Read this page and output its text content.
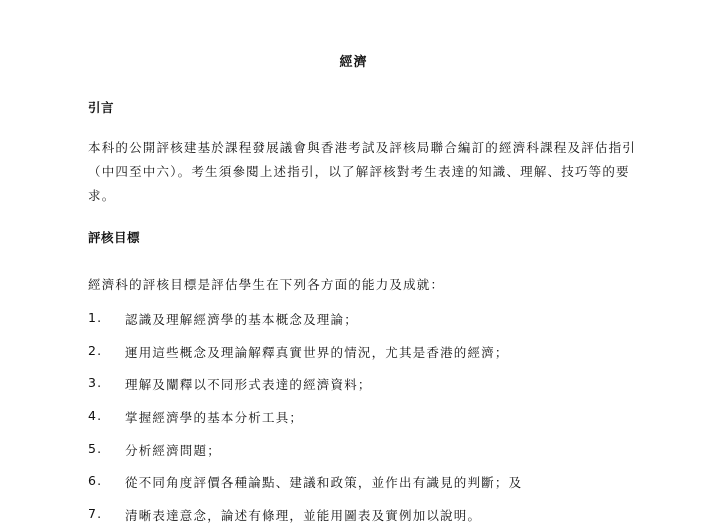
經濟
引言
本科的公開評核建基於課程發展議會與香港考試及評核局聯合編訂的經濟科課程及評估指引（中四至中六）。考生須參閱上述指引，以了解評核對考生表達的知識、理解、技巧等的要求。
評核目標
經濟科的評核目標是評估學生在下列各方面的能力及成就：
1.	認識及理解經濟學的基本概念及理論；
2.	運用這些概念及理論解釋真實世界的情況，尤其是香港的經濟；
3.	理解及闡釋以不同形式表達的經濟資料；
4.	掌握經濟學的基本分析工具；
5.	分析經濟問題；
6.	從不同角度評價各種論點、建議和政策，並作出有識見的判斷；及
7.	清晰表達意念，論述有條理，並能用圖表及實例加以說明。
